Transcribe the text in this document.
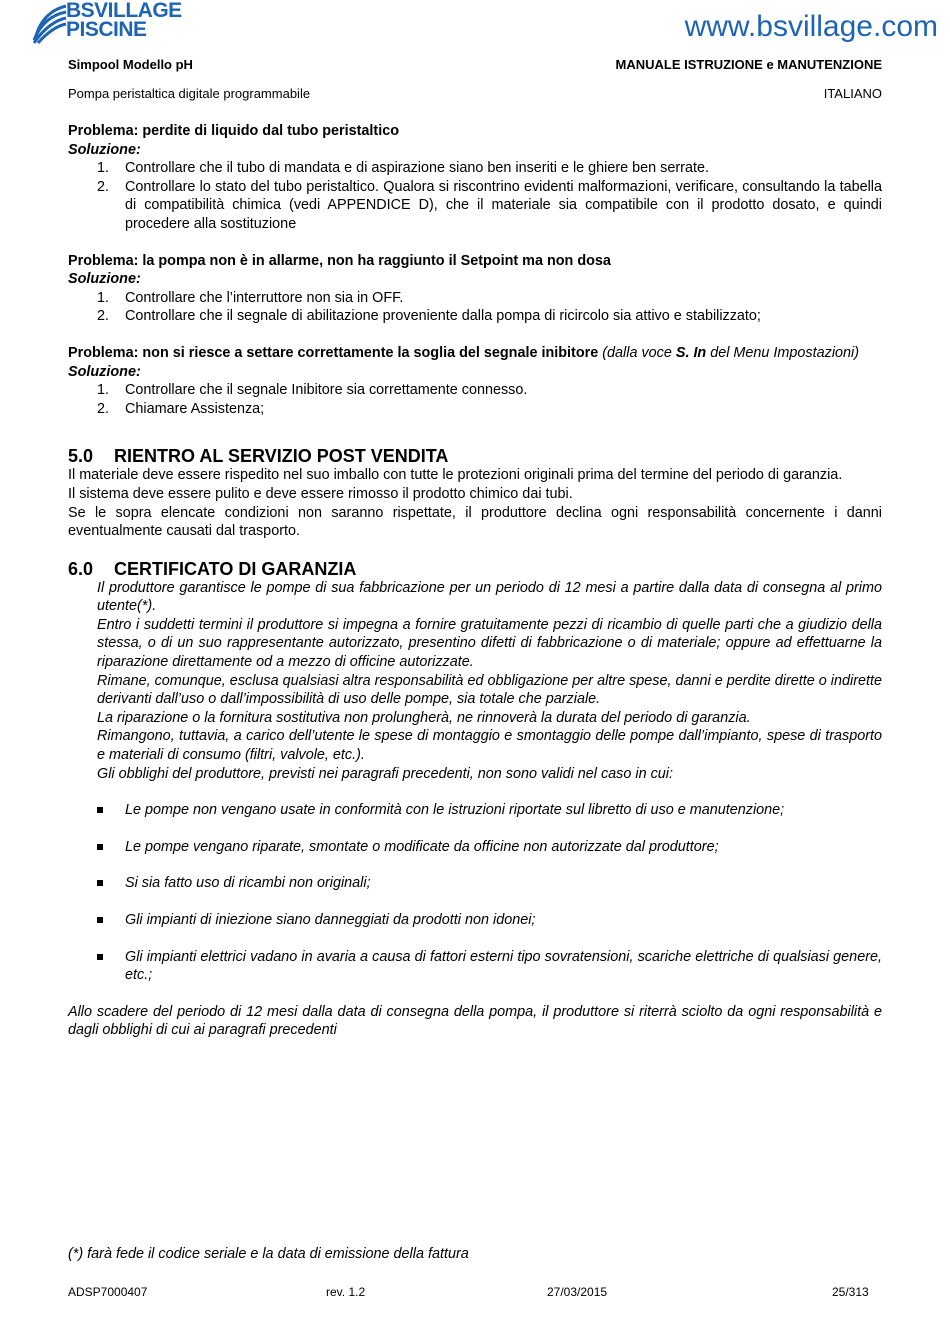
BSVILLAGE
PISCINE	www.bsvillage.com
Simpool Modello pH	MANUALE ISTRUZIONE e MANUTENZIONE
Pompa peristaltica digitale programmabile	ITALIANO

Problema: perdite di liquido dal tubo peristaltico

Soluzione:

1. Controllare che il tubo di mandata e di aspirazione siano ben inseriti e le ghiere ben serrate.
2. Controllare lo stato del tubo peristaltico. Qualora si riscontrino evidenti malformazioni, verificare, consultando la tabella di compatibilità chimica (vedi APPENDICE D), che il materiale sia compatibile con il prodotto dosato, e quindi procedere alla sostituzione

Problema: la pompa non è in allarme, non ha raggiunto il Setpoint ma non dosa

Soluzione:

1. Controllare che l’interruttore non sia in OFF.
2. Controllare che il segnale di abilitazione proveniente dalla pompa di ricircolo sia attivo e stabilizzato;

Problema: non si riesce a settare correttamente la soglia del segnale inibitore (dalla voce S. In del Menu Impostazioni)

Soluzione:

1. Controllare che il segnale Inibitore sia correttamente connesso.
2. Chiamare Assistenza;

5.0 RIENTRO AL SERVIZIO POST VENDITA

Il materiale deve essere rispedito nel suo imballo con tutte le protezioni originali prima del termine del periodo di garanzia.

Il sistema deve essere pulito e deve essere rimosso il prodotto chimico dai tubi.

Se le sopra elencate condizioni non saranno rispettate, il produttore declina ogni responsabilità concernente i danni eventualmente causati dal trasporto.

6.0 CERTIFICATO DI GARANZIA

Il produttore garantisce le pompe di sua fabbricazione per un periodo di 12 mesi a partire dalla data di consegna al primo utente(*).

Entro i suddetti termini il produttore si impegna a fornire gratuitamente pezzi di ricambio di quelle parti che a giudizio della stessa, o di un suo rappresentante autorizzato, presentino difetti di fabbricazione o di materiale; oppure ad effettuarne la riparazione direttamente od a mezzo di officine autorizzate.

Rimane, comunque, esclusa qualsiasi altra responsabilità ed obbligazione per altre spese, danni e perdite dirette o indirette derivanti dall’uso o dall’impossibilità di uso delle pompe, sia totale che parziale.

La riparazione o la fornitura sostitutiva non prolungherà, ne rinnoverà la durata del periodo di garanzia.

Rimangono, tuttavia, a carico dell’utente le spese di montaggio e smontaggio delle pompe dall’impianto, spese di trasporto e materiali di consumo (filtri, valvole, etc.).

Gli obblighi del produttore, previsti nei paragrafi precedenti, non sono validi nel caso in cui:

Le pompe non vengano usate in conformità con le istruzioni riportate sul libretto di uso e manutenzione;
Le pompe vengano riparate, smontate o modificate da officine non autorizzate dal produttore;
Si sia fatto uso di ricambi non originali;
Gli impianti di iniezione siano danneggiati da prodotti non idonei;
Gli impianti elettrici vadano in avaria a causa di fattori esterni tipo sovratensioni, scariche elettriche di qualsiasi genere, etc.;

Allo scadere del periodo di 12 mesi dalla data di consegna della pompa, il produttore si riterrà sciolto da ogni responsabilità e dagli obblighi di cui ai paragrafi precedenti

(*) farà fede il codice seriale e la data di emissione della fattura
ADSP7000407	rev. 1.2	27/03/2015	25/313
